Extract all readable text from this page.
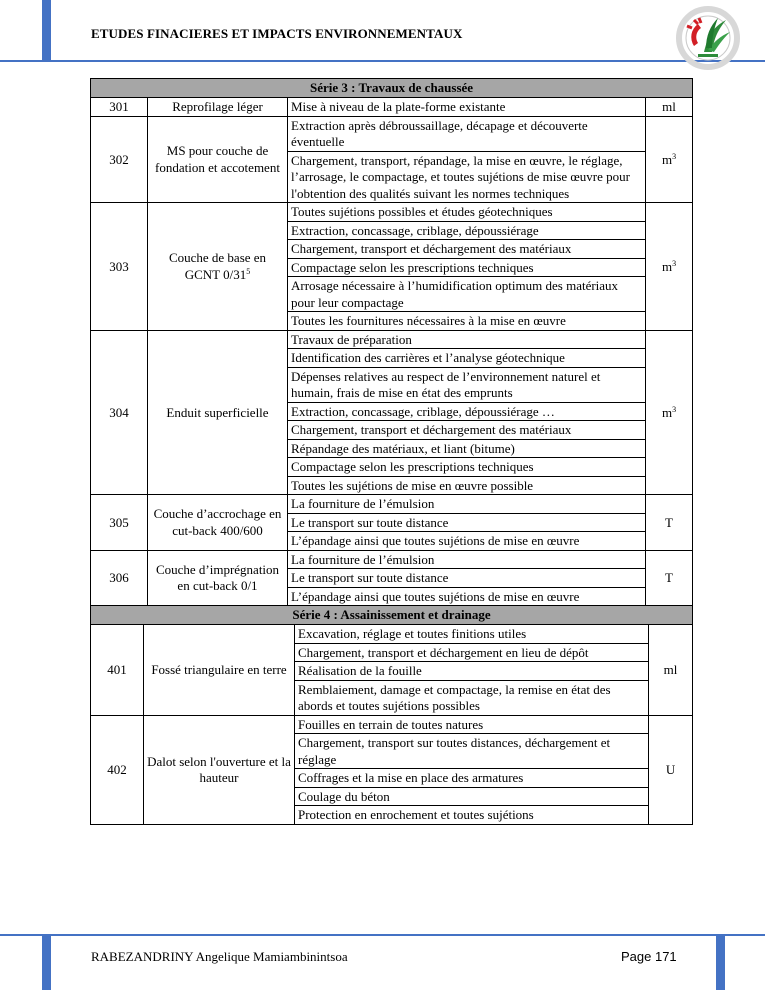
ETUDES FINACIERES ET IMPACTS ENVIRONNEMENTAUX
Série 3 : Travaux de chaussée			
301	Reprofilage léger	Mise à niveau de la plate-forme existante	ml
302	MS pour couche de fondation et accotement	Extraction après débroussaillage, décapage et découverte éventuelle	$m^3$
		Chargement, transport, répandage, la mise en œuvre, le réglage, l’arrosage, le compactage, et toutes sujétions de mise œuvre pour l'obtention des qualités suivant les normes techniques	
303	Couche de base en GCNT $0/31^5$	Toutes sujétions possibles et études géotechniques	$m^3$
		Extraction, concassage, criblage, dépoussiérage	
		Chargement, transport et déchargement des matériaux	
		Compactage selon les prescriptions techniques	
		Arrosage nécessaire à l’humidification optimum des matériaux pour leur compactage	
		Toutes les fournitures nécessaires à la mise en œuvre	
304	Enduit superficielle	Travaux de préparation	$m^3$
		Identification des carrières et l’analyse géotechnique	
		Dépenses relatives au respect de l’environnement naturel et humain, frais de mise en état des emprunts	
		Extraction, concassage, criblage, dépoussiérage …	
		Chargement, transport et déchargement des matériaux	
		Répandage des matériaux, et liant (bitume)	
		Compactage selon les prescriptions techniques	
		Toutes les sujétions de mise en œuvre possible	
305	Couche d’accrochage en cut-back 400/600	La fourniture de l’émulsion	T
		Le transport sur toute distance	
		L’épandage ainsi que toutes sujétions de mise en œuvre	
306	Couche d’imprégnation en cut-back 0/1	La fourniture de l’émulsion	T
		Le transport sur toute distance	
		L’épandage ainsi que toutes sujétions de mise en œuvre	
Série 4 : Assainissement et drainage			
401	Fossé triangulaire en terre	Excavation, réglage et toutes finitions utiles	ml
		Chargement, transport et déchargement en lieu de dépôt	
		Réalisation de la fouille	
		Remblaiement, damage et compactage, la remise en état des abords et toutes sujétions possibles	
402	Dalot selon l'ouverture et la hauteur	Fouilles en terrain de toutes natures	U
		Chargement, transport sur toutes distances, déchargement et réglage	
		Coffrages et la mise en place des armatures	
		Coulage du béton	
		Protection en enrochement et toutes sujétions	
RABEZANDRINY Angelique Mamiambinintsoa	Page 171
